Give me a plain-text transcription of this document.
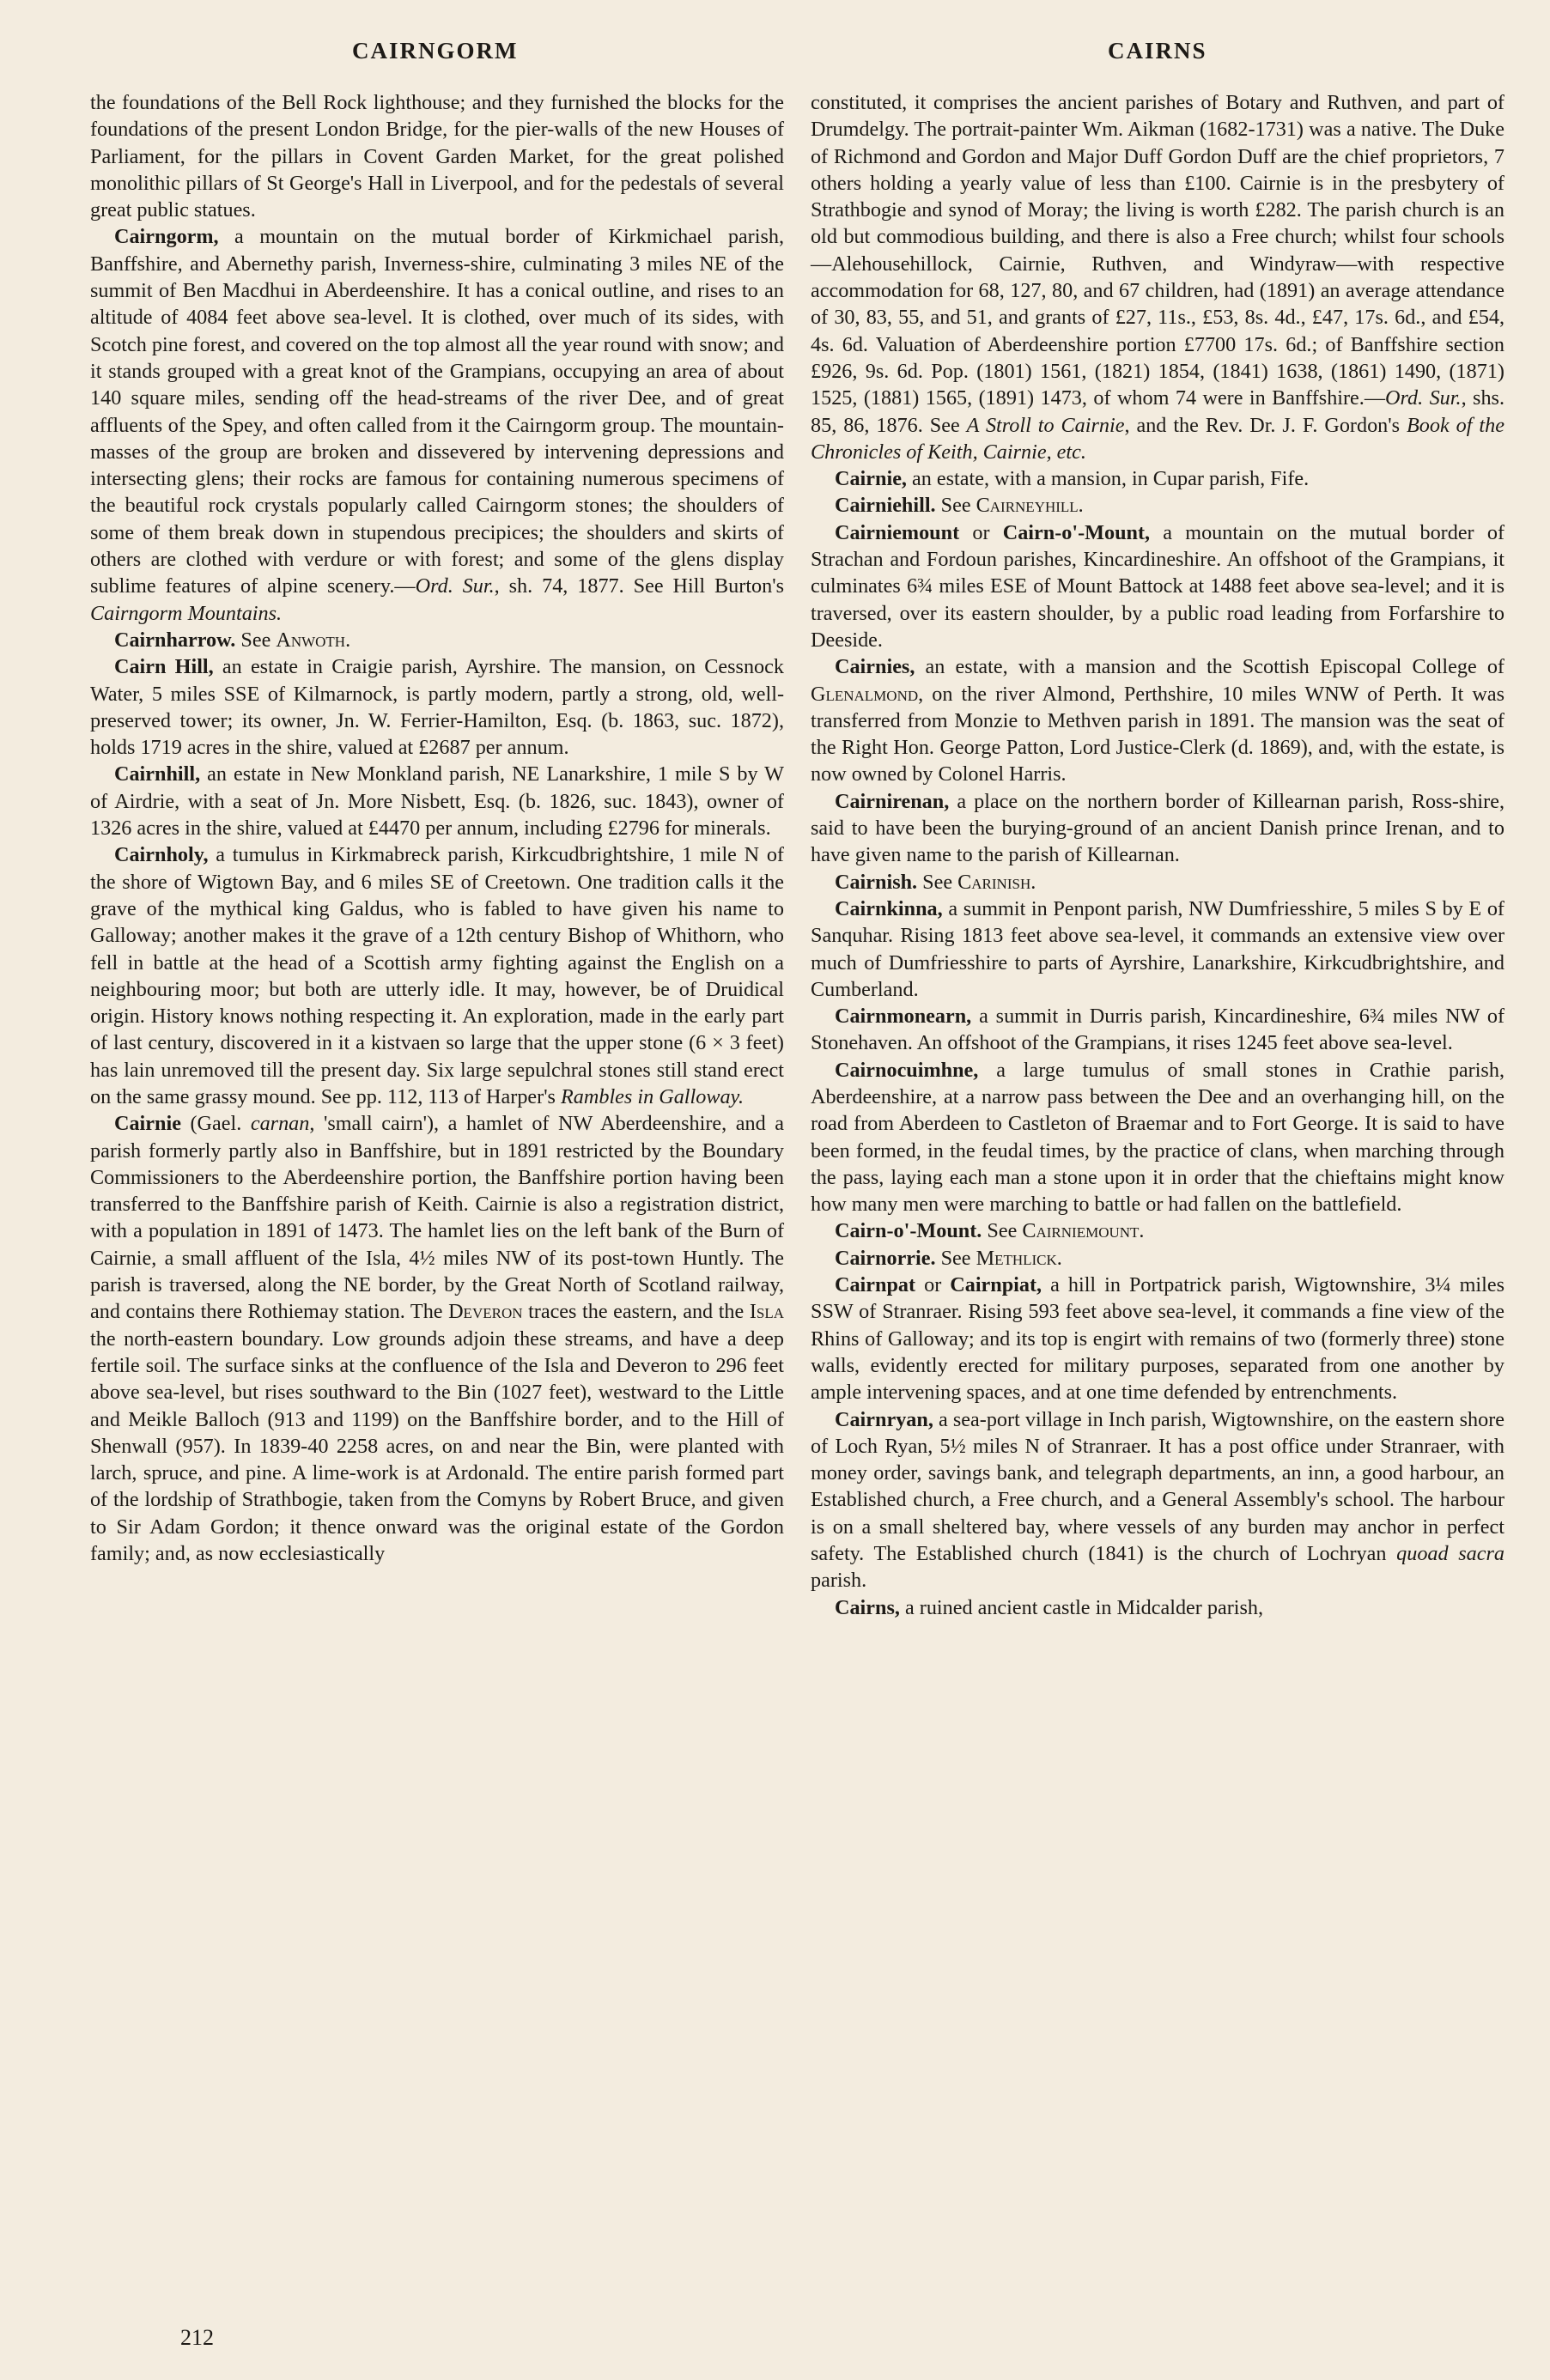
CAIRNGORM	CAIRNS

the foundations of the Bell Rock lighthouse; and they furnished the blocks for the foundations of the present London Bridge, for the pier-walls of the new Houses of Parliament, for the pillars in Covent Garden Market, for the great polished monolithic pillars of St George's Hall in Liverpool, and for the pedestals of several great public statues.

Cairngorm, a mountain on the mutual border of Kirkmichael parish, Banffshire, and Abernethy parish, Inverness-shire, culminating 3 miles NE of the summit of Ben Macdhui in Aberdeenshire. It has a conical outline, and rises to an altitude of 4084 feet above sea-level. It is clothed, over much of its sides, with Scotch pine forest, and covered on the top almost all the year round with snow; and it stands grouped with a great knot of the Grampians, occupying an area of about 140 square miles, sending off the head-streams of the river Dee, and of great affluents of the Spey, and often called from it the Cairngorm group. The mountain-masses of the group are broken and dissevered by intervening depressions and intersecting glens; their rocks are famous for containing numerous specimens of the beautiful rock crystals popularly called Cairngorm stones; the shoulders of some of them break down in stupendous precipices; the shoulders and skirts of others are clothed with verdure or with forest; and some of the glens display sublime features of alpine scenery.—Ord. Sur., sh. 74, 1877. See Hill Burton's Cairngorm Mountains.

Cairnharrow. See Anwoth.

Cairn Hill, an estate in Craigie parish, Ayrshire. The mansion, on Cessnock Water, 5 miles SSE of Kilmarnock, is partly modern, partly a strong, old, well-preserved tower; its owner, Jn. W. Ferrier-Hamilton, Esq. (b. 1863, suc. 1872), holds 1719 acres in the shire, valued at £2687 per annum.

Cairnhill, an estate in New Monkland parish, NE Lanarkshire, 1 mile S by W of Airdrie, with a seat of Jn. More Nisbett, Esq. (b. 1826, suc. 1843), owner of 1326 acres in the shire, valued at £4470 per annum, including £2796 for minerals.

Cairnholy, a tumulus in Kirkmabreck parish, Kirkcudbrightshire, 1 mile N of the shore of Wigtown Bay, and 6 miles SE of Creetown. One tradition calls it the grave of the mythical king Galdus, who is fabled to have given his name to Galloway; another makes it the grave of a 12th century Bishop of Whithorn, who fell in battle at the head of a Scottish army fighting against the English on a neighbouring moor; but both are utterly idle. It may, however, be of Druidical origin. History knows nothing respecting it. An exploration, made in the early part of last century, discovered in it a kistvaen so large that the upper stone (6 × 3 feet) has lain unremoved till the present day. Six large sepulchral stones still stand erect on the same grassy mound. See pp. 112, 113 of Harper's Rambles in Galloway.

Cairnie (Gael. carnan, 'small cairn'), a hamlet of NW Aberdeenshire, and a parish formerly partly also in Banffshire, but in 1891 restricted by the Boundary Commissioners to the Aberdeenshire portion, the Banffshire portion having been transferred to the Banffshire parish of Keith. Cairnie is also a registration district, with a population in 1891 of 1473. The hamlet lies on the left bank of the Burn of Cairnie, a small affluent of the Isla, 4½ miles NW of its post-town Huntly. The parish is traversed, along the NE border, by the Great North of Scotland railway, and contains there Rothiemay station. The Deveron traces the eastern, and the Isla the north-eastern boundary. Low grounds adjoin these streams, and have a deep fertile soil. The surface sinks at the confluence of the Isla and Deveron to 296 feet above sea-level, but rises southward to the Bin (1027 feet), westward to the Little and Meikle Balloch (913 and 1199) on the Banffshire border, and to the Hill of Shenwall (957). In 1839-40 2258 acres, on and near the Bin, were planted with larch, spruce, and pine. A lime-work is at Ardonald. The entire parish formed part of the lordship of Strathbogie, taken from the Comyns by Robert Bruce, and given to Sir Adam Gordon; it thence onward was the original estate of the Gordon family; and, as now ecclesiastically

constituted, it comprises the ancient parishes of Botary and Ruthven, and part of Drumdelgy. The portrait-painter Wm. Aikman (1682-1731) was a native. The Duke of Richmond and Gordon and Major Duff Gordon Duff are the chief proprietors, 7 others holding a yearly value of less than £100. Cairnie is in the presbytery of Strathbogie and synod of Moray; the living is worth £282. The parish church is an old but commodious building, and there is also a Free church; whilst four schools—Alehousehillock, Cairnie, Ruthven, and Windyraw—with respective accommodation for 68, 127, 80, and 67 children, had (1891) an average attendance of 30, 83, 55, and 51, and grants of £27, 11s., £53, 8s. 4d., £47, 17s. 6d., and £54, 4s. 6d. Valuation of Aberdeenshire portion £7700 17s. 6d.; of Banffshire section £926, 9s. 6d. Pop. (1801) 1561, (1821) 1854, (1841) 1638, (1861) 1490, (1871) 1525, (1881) 1565, (1891) 1473, of whom 74 were in Banffshire.—Ord. Sur., shs. 85, 86, 1876. See A Stroll to Cairnie, and the Rev. Dr. J. F. Gordon's Book of the Chronicles of Keith, Cairnie, etc.

Cairnie, an estate, with a mansion, in Cupar parish, Fife.

Cairniehill. See Cairneyhill.

Cairniemount or Cairn-o'-Mount, a mountain on the mutual border of Strachan and Fordoun parishes, Kincardineshire. An offshoot of the Grampians, it culminates 6¾ miles ESE of Mount Battock at 1488 feet above sea-level; and it is traversed, over its eastern shoulder, by a public road leading from Forfarshire to Deeside.

Cairnies, an estate, with a mansion and the Scottish Episcopal College of Glenalmond, on the river Almond, Perthshire, 10 miles WNW of Perth. It was transferred from Monzie to Methven parish in 1891. The mansion was the seat of the Right Hon. George Patton, Lord Justice-Clerk (d. 1869), and, with the estate, is now owned by Colonel Harris.

Cairnirenan, a place on the northern border of Killearnan parish, Ross-shire, said to have been the burying-ground of an ancient Danish prince Irenan, and to have given name to the parish of Killearnan.

Cairnish. See Carinish.

Cairnkinna, a summit in Penpont parish, NW Dumfriesshire, 5 miles S by E of Sanquhar. Rising 1813 feet above sea-level, it commands an extensive view over much of Dumfriesshire to parts of Ayrshire, Lanarkshire, Kirkcudbrightshire, and Cumberland.

Cairnmonearn, a summit in Durris parish, Kincardineshire, 6¾ miles NW of Stonehaven. An offshoot of the Grampians, it rises 1245 feet above sea-level.

Cairnocuimhne, a large tumulus of small stones in Crathie parish, Aberdeenshire, at a narrow pass between the Dee and an overhanging hill, on the road from Aberdeen to Castleton of Braemar and to Fort George. It is said to have been formed, in the feudal times, by the practice of clans, when marching through the pass, laying each man a stone upon it in order that the chieftains might know how many men were marching to battle or had fallen on the battlefield.

Cairn-o'-Mount. See Cairniemount.

Cairnorrie. See Methlick.

Cairnpat or Cairnpiat, a hill in Portpatrick parish, Wigtownshire, 3¼ miles SSW of Stranraer. Rising 593 feet above sea-level, it commands a fine view of the Rhins of Galloway; and its top is engirt with remains of two (formerly three) stone walls, evidently erected for military purposes, separated from one another by ample intervening spaces, and at one time defended by entrenchments.

Cairnryan, a sea-port village in Inch parish, Wigtownshire, on the eastern shore of Loch Ryan, 5½ miles N of Stranraer. It has a post office under Stranraer, with money order, savings bank, and telegraph departments, an inn, a good harbour, an Established church, a Free church, and a General Assembly's school. The harbour is on a small sheltered bay, where vessels of any burden may anchor in perfect safety. The Established church (1841) is the church of Lochryan quoad sacra parish.

Cairns, a ruined ancient castle in Midcalder parish,

212
